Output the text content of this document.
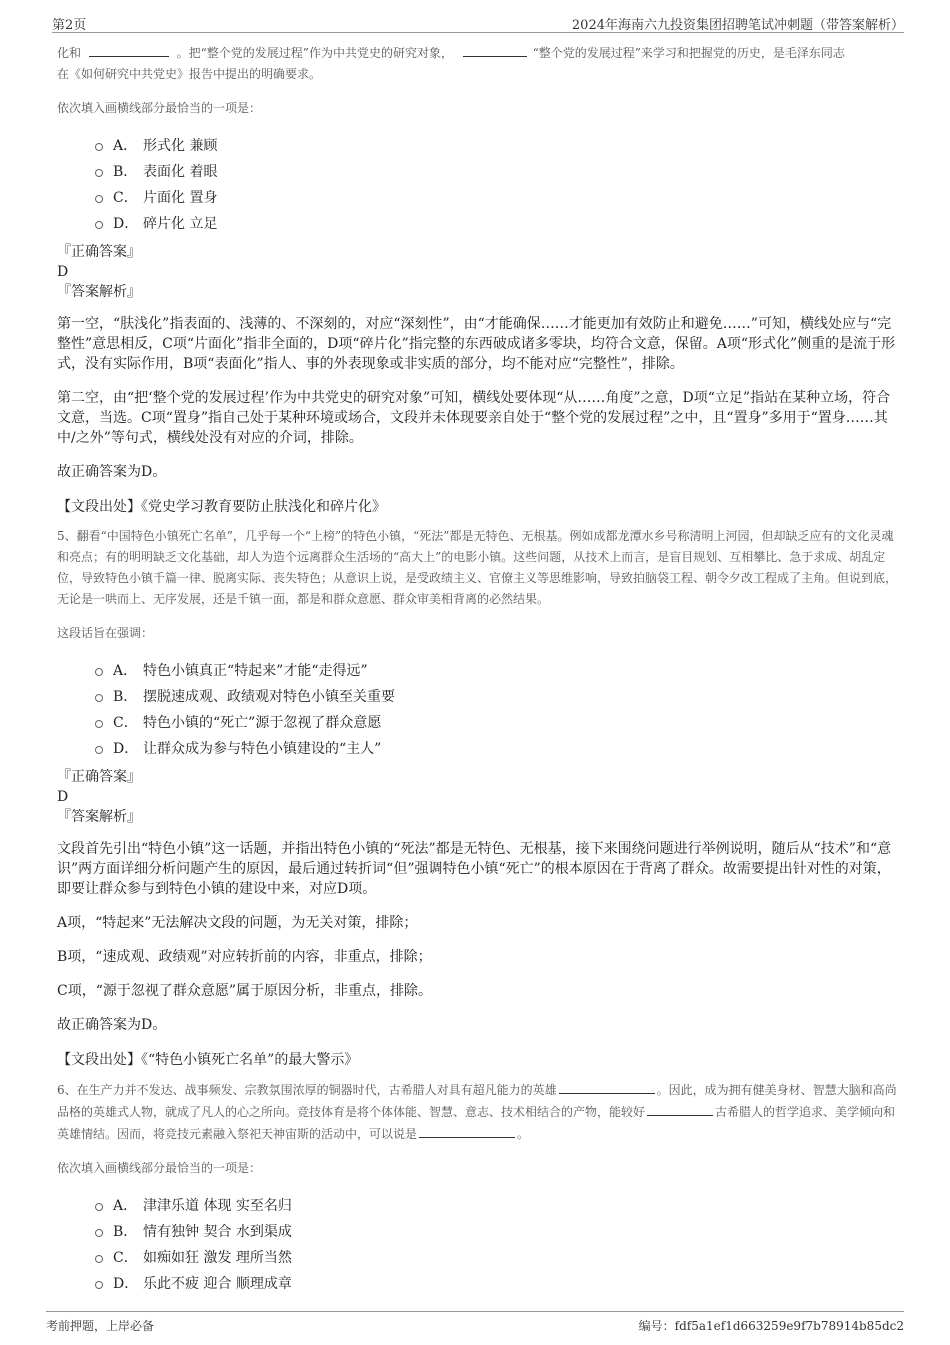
第2页	2024年海南六九投资集团招聘笔试冲刺题（带答案解析）
化和	。把“整个党的发展过程”作为中共党史的研究对象，	“整个党的发展过程”来学习和把握党的历史，是毛泽东同志
在《如何研究中共党史》报告中提出的明确要求。
依次填入画横线部分最恰当的一项是：
A． 形式化 兼顾
B． 表面化 着眼
C． 片面化 置身
D． 碎片化 立足
『正确答案』
D
『答案解析』
第一空，“肤浅化”指表面的、浅薄的、不深刻的，对应“深刻性”，由“才能确保……才能更加有效防止和避免……”可知，横线处应与“完整性”意思相反，C项“片面化”指非全面的，D项“碎片化”指完整的东西破成诸多零块，均符合文意，保留。A项“形式化”侧重的是流于形式，没有实际作用，B项“表面化”指人、事的外表现象或非实质的部分，均不能对应“完整性”，排除。
第二空，由“把‘整个党的发展过程’作为中共党史的研究对象”可知，横线处要体现“从……角度”之意，D项“立足”指站在某种立场，符合文意，当选。C项“置身”指自己处于某种环境或场合，文段并未体现要亲自处于“整个党的发展过程”之中，且“置身”多用于“置身……其中/之外”等句式，横线处没有对应的介词，排除。
故正确答案为D。
【文段出处】《党史学习教育要防止肤浅化和碎片化》
5、翻看“中国特色小镇死亡名单”，几乎每一个“上榜”的特色小镇，“死法”都是无特色、无根基。例如成都龙潭水乡号称清明上河园，但却缺乏应有的文化灵魂和亮点；有的明明缺乏文化基础，却人为造个远离群众生活场的“高大上”的电影小镇。这些问题，从技术上而言，是盲目规划、互相攀比、急于求成、胡乱定位，导致特色小镇千篇一律、脱离实际、丧失特色；从意识上说，是受政绩主义、官僚主义等思维影响，导致拍脑袋工程、朝令夕改工程成了主角。但说到底，无论是一哄而上、无序发展，还是千镇一面，都是和群众意愿、群众审美相背离的必然结果。
这段话旨在强调：
A． 特色小镇真正“特起来”才能“走得远”
B． 摆脱速成观、政绩观对特色小镇至关重要
C． 特色小镇的“死亡”源于忽视了群众意愿
D． 让群众成为参与特色小镇建设的“主人”
『正确答案』
D
『答案解析』
文段首先引出“特色小镇”这一话题，并指出特色小镇的“死法”都是无特色、无根基，接下来围绕问题进行举例说明，随后从“技术”和“意识”两方面详细分析问题产生的原因，最后通过转折词“但”强调特色小镇“死亡”的根本原因在于背离了群众。故需要提出针对性的对策，即要让群众参与到特色小镇的建设中来，对应D项。
A项，“特起来”无法解决文段的问题，为无关对策，排除；
B项，“速成观、政绩观”对应转折前的内容，非重点，排除；
C项，“源于忽视了群众意愿”属于原因分析，非重点，排除。
故正确答案为D。
【文段出处】《“特色小镇死亡名单”的最大警示》
6、在生产力并不发达、战事频发、宗教氛围浓厚的铜器时代，古希腊人对具有超凡能力的英雄	。因此，成为拥有健美身材、智慧大脑和高尚品格的英雄式人物，就成了凡人的心之所向。竞技体育是将个体体能、智慧、意志、技术相结合的产物，能较好	古希腊人的哲学追求、美学倾向和英雄情结。因而，将竞技元素融入祭祀天神宙斯的活动中，可以说是	。
依次填入画横线部分最恰当的一项是：
A． 津津乐道 体现 实至名归
B． 情有独钟 契合 水到渠成
C． 如痴如狂 激发 理所当然
D． 乐此不疲 迎合 顺理成章
考前押题，上岸必备	编号：fdf5a1ef1d663259e9f7b78914b85dc2
